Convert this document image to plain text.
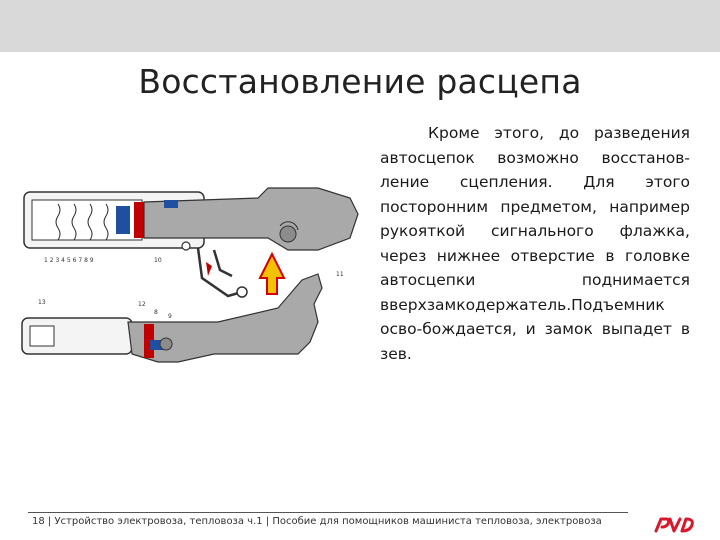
Восстановление расцепа
Кроме этого, до разведения автосцепок возможно восстанов-ление сцепления. Для этого посторонним предметом, например рукояткой сигнального флажка, через нижнее отверстие в головке автосцепки поднимается вверхзамкодержатель.Подъемник осво-бождается, и замок выпадет в зев.
1 2 3 4 5 6 7 8 9	10
11
13	12
8
9
18 | Устройство электровоза, тепловоза ч.1 | Пособие для помощников машиниста тепловоза, электровоза
